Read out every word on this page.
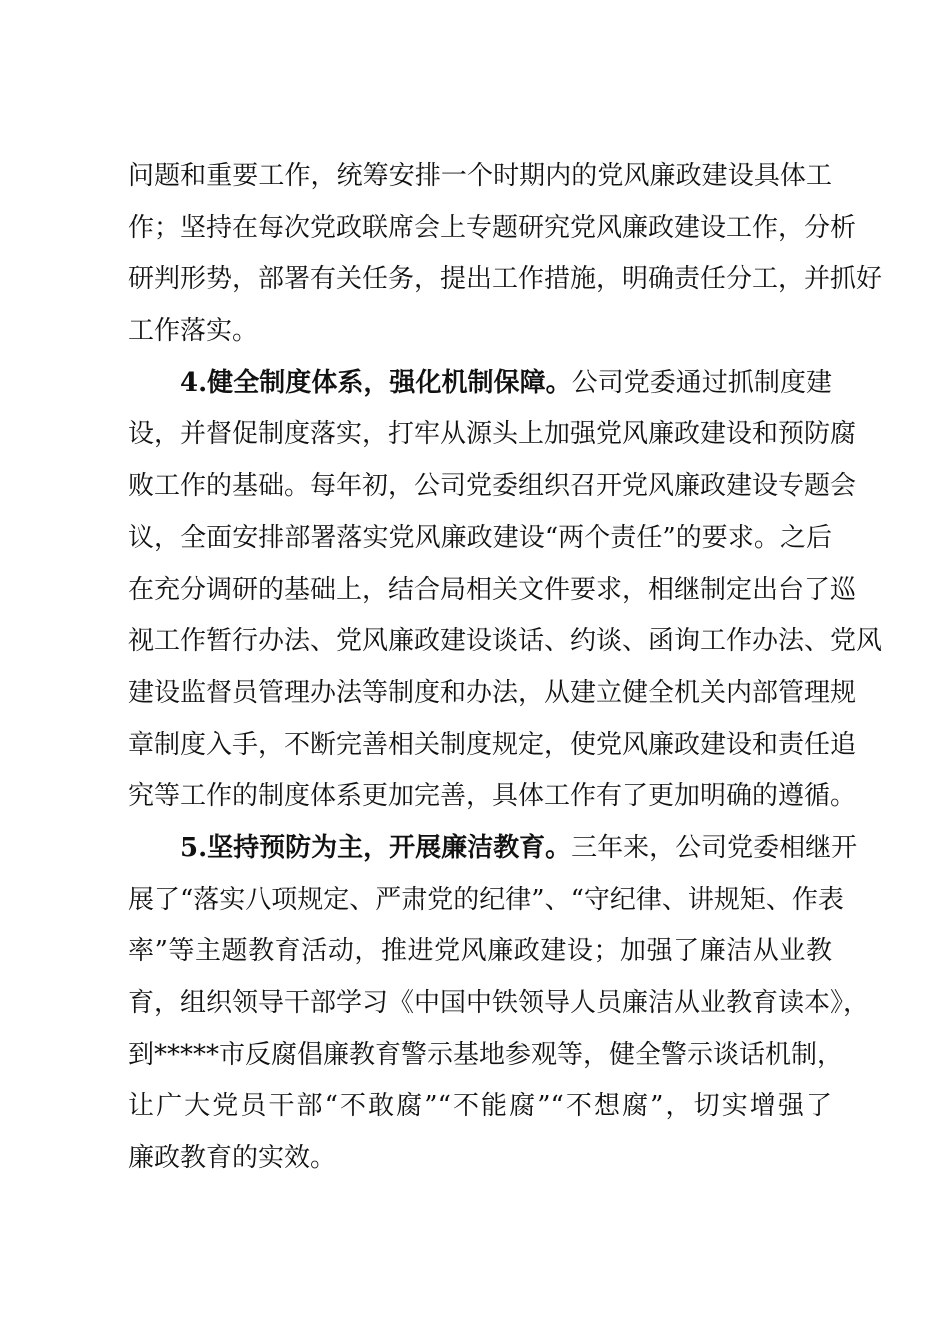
问题和重要工作，统筹安排一个时期内的党风廉政建设具体工
作；坚持在每次党政联席会上专题研究党风廉政建设工作，分析
研判形势，部署有关任务，提出工作措施，明确责任分工，并抓好
工作落实。
4.健全制度体系，强化机制保障。公司党委通过抓制度建
设，并督促制度落实，打牢从源头上加强党风廉政建设和预防腐
败工作的基础。每年初，公司党委组织召开党风廉政建设专题会
议，全面安排部署落实党风廉政建设“两个责任”的要求。之后
在充分调研的基础上，结合局相关文件要求，相继制定出台了巡
视工作暂行办法、党风廉政建设谈话、约谈、函询工作办法、党风
建设监督员管理办法等制度和办法，从建立健全机关内部管理规
章制度入手，不断完善相关制度规定，使党风廉政建设和责任追
究等工作的制度体系更加完善，具体工作有了更加明确的遵循。
5.坚持预防为主，开展廉洁教育。三年来，公司党委相继开
展了“落实八项规定、严肃党的纪律”、“守纪律、讲规矩、作表
率”等主题教育活动，推进党风廉政建设；加强了廉洁从业教
育，组织领导干部学习《中国中铁领导人员廉洁从业教育读本》，
到*****市反腐倡廉教育警示基地参观等，健全警示谈话机制，
让广大党员干部“不敢腐”“不能腐”“不想腐”，切实增强了
廉政教育的实效。
